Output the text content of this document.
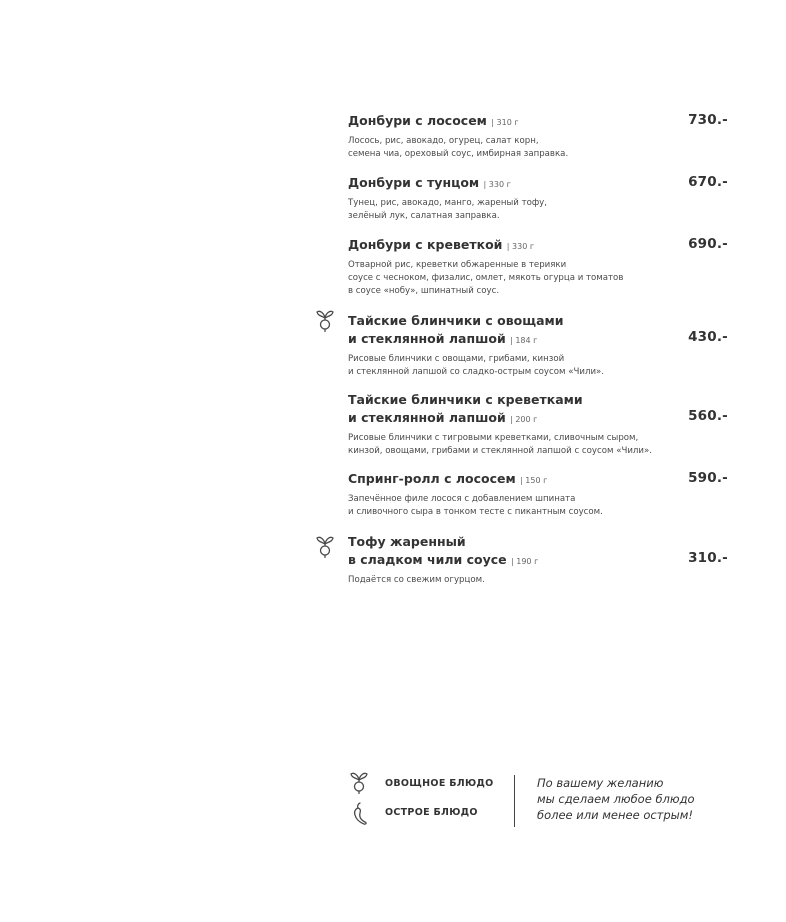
Донбури с лососем | 310 г	730.-
Лосось, рис, авокадо, огурец, салат корн,
семена чиа, ореховый соус, имбирная заправка.
Донбури с тунцом | 330 г	670.-
Тунец, рис, авокадо, манго, жареный тофу,
зелёный лук, салатная заправка.
Донбури с креветкой | 330 г	690.-
Отварной рис, креветки обжаренные в терияки
соусе с чесноком, физалис, омлет, мякоть огурца и томатов
в соусе «нобу», шпинатный соус.
Тайские блинчики с овощами
и стеклянной лапшой | 184 г	430.-
Рисовые блинчики с овощами, грибами, кинзой
и стеклянной лапшой со сладко-острым соусом «Чили».
Тайские блинчики с креветками
и стеклянной лапшой | 200 г	560.-
Рисовые блинчики с тигровыми креветками, сливочным сыром,
кинзой, овощами, грибами и стеклянной лапшой с соусом «Чили».
Спринг-ролл с лососем | 150 г	590.-
Запечённое филе лосося с добавлением шпината
и сливочного сыра в тонком тесте с пикантным соусом.
Тофу жаренный
в сладком чили соусе | 190 г	310.-
Подаётся со свежим огурцом.
ОВОЩНОЕ БЛЮДО
ОСТРОЕ БЛЮДО
По вашему желанию
мы сделаем любое блюдо
более или менее острым!
